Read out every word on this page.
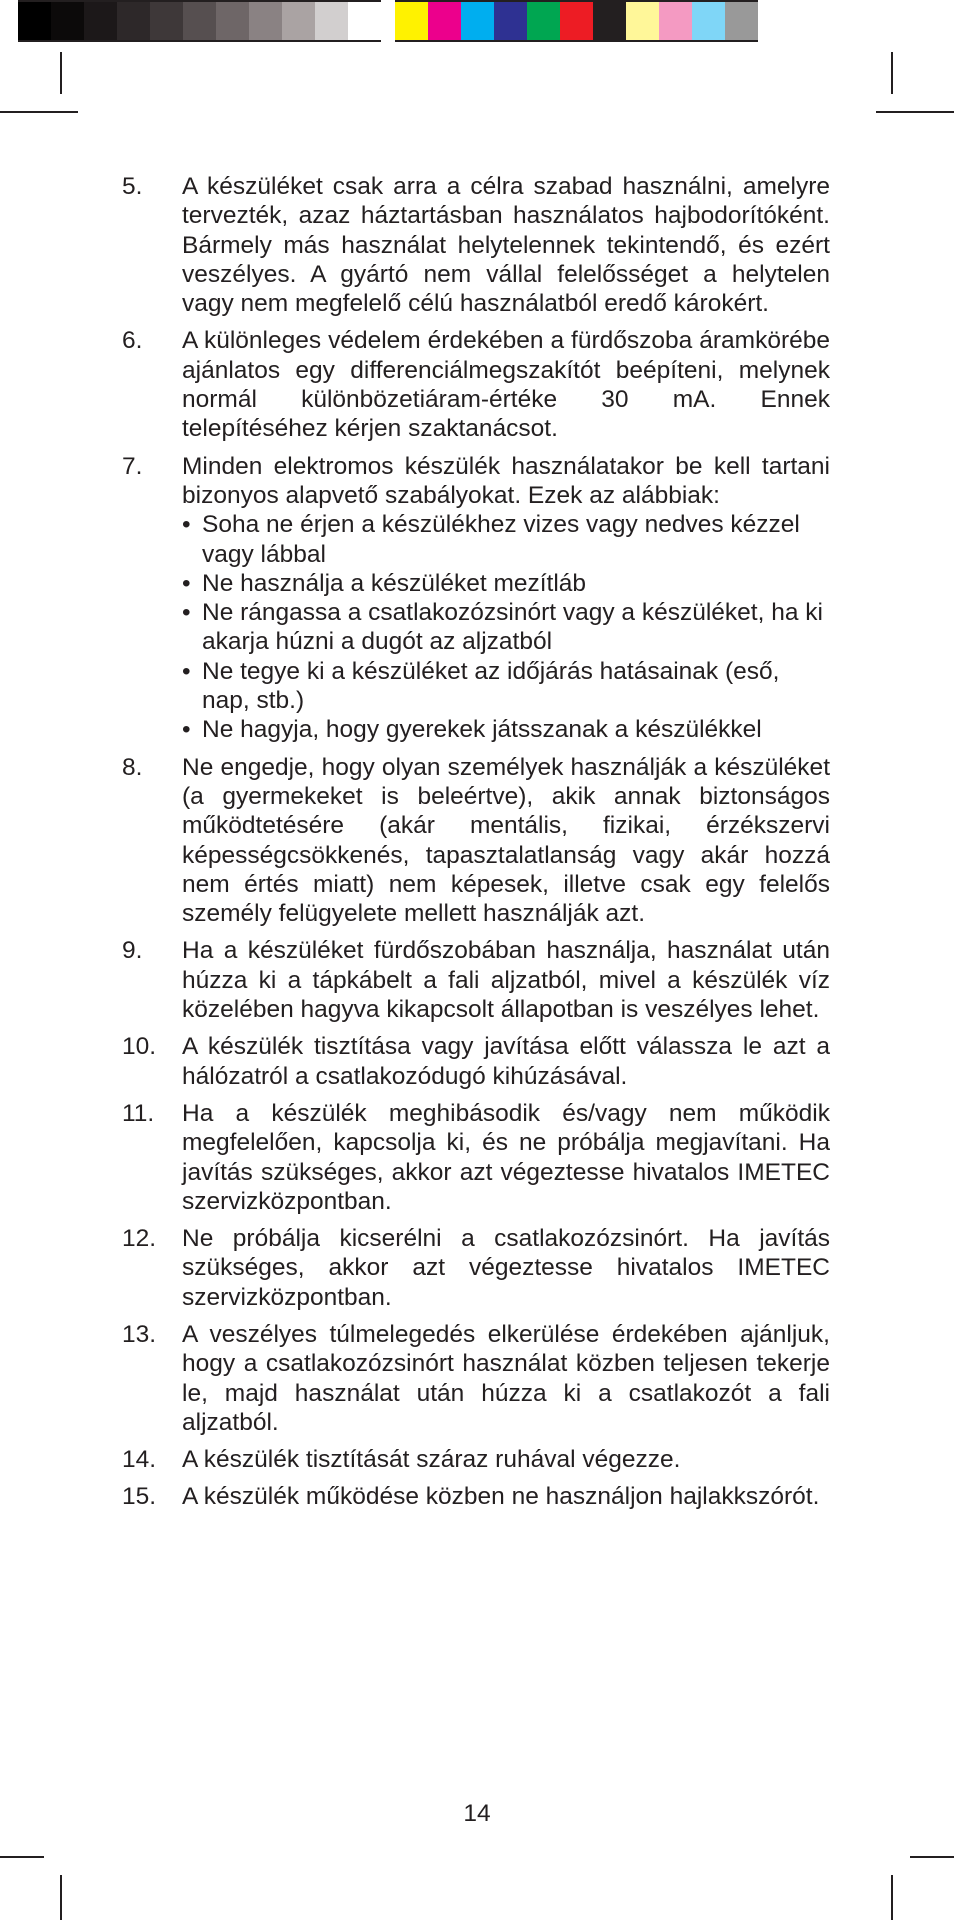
5.	A készüléket csak arra a célra szabad használni, amelyre tervezték, azaz háztartásban használatos hajbodorítóként. Bármely más használat helytelennek tekintendő, és ezért veszélyes. A gyártó nem vállal felelősséget a helytelen vagy nem megfelelő célú használatból eredő károkért.

6.	A különleges védelem érdekében a fürdőszoba áramkörébe ajánlatos egy differenciálmegszakítót beépíteni, melynek normál különbözetiáram-értéke 30 mA. Ennek telepítéséhez kérjen szaktanácsot.

7.	Minden elektromos készülék használatakor be kell tartani bizonyos alapvető szabályokat. Ezek az alábbiak:

• Soha ne érjen a készülékhez vizes vagy nedves kézzel vagy lábbal
• Ne használja a készüléket mezítláb
• Ne rángassa a csatlakozózsinórt vagy a készüléket, ha ki akarja húzni a dugót az aljzatból
• Ne tegye ki a készüléket az időjárás hatásainak (eső, nap, stb.)
• Ne hagyja, hogy gyerekek játsszanak a készülékkel
8.	Ne engedje, hogy olyan személyek használják a készüléket (a gyermekeket is beleértve), akik annak biztonságos működtetésére (akár mentális, fizikai, érzékszervi képességcsökkenés, tapasztalatlanság vagy akár hozzá nem értés miatt) nem képesek, illetve csak egy felelős személy felügyelete mellett használják azt.

9.	Ha a készüléket fürdőszobában használja, használat után húzza ki a tápkábelt a fali aljzatból, mivel a készülék víz közelében hagyva kikapcsolt állapotban is veszélyes lehet.

10.	A készülék tisztítása vagy javítása előtt válassza le azt a hálózatról a csatlakozódugó kihúzásával.

11.	Ha a készülék meghibásodik és/vagy nem működik megfelelően, kapcsolja ki, és ne próbálja megjavítani. Ha javítás szükséges, akkor azt végeztesse hivatalos IMETEC szervizközpontban.

12.	Ne próbálja kicserélni a csatlakozózsinórt. Ha javítás szükséges, akkor azt végeztesse hivatalos IMETEC szervizközpontban.

13.	A veszélyes túlmelegedés elkerülése érdekében ajánljuk, hogy a csatlakozózsinórt használat közben teljesen tekerje le, majd használat után húzza ki a csatlakozót a fali aljzatból.

14.	A készülék tisztítását száraz ruhával végezze.

15.	A készülék működése közben ne használjon hajlakkszórót.

14
